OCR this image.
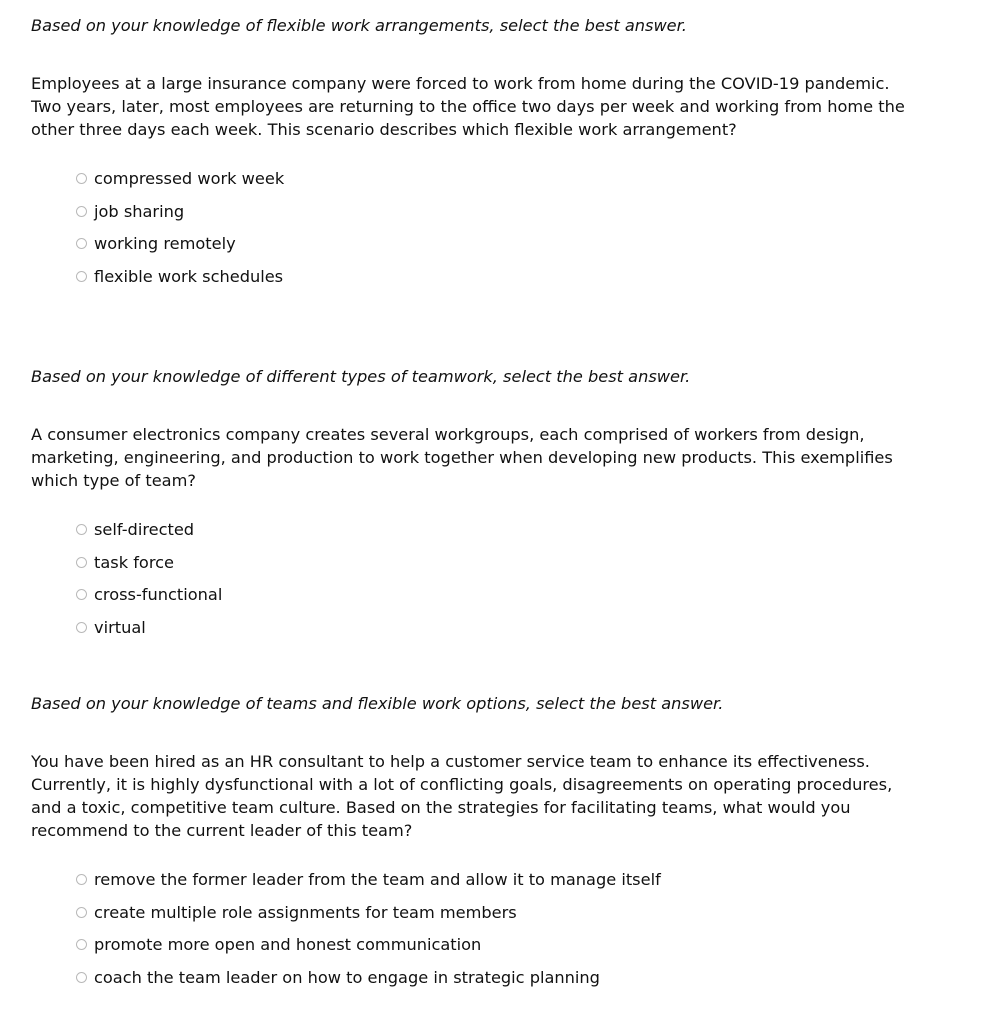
Based on your knowledge of flexible work arrangements, select the best answer.

Employees at a large insurance company were forced to work from home during the COVID-19 pandemic. Two years, later, most employees are returning to the office two days per week and working from home the other three days each week. This scenario describes which flexible work arrangement?

compressed work week
job sharing
working remotely
flexible work schedules

Based on your knowledge of different types of teamwork, select the best answer.

A consumer electronics company creates several workgroups, each comprised of workers from design, marketing, engineering, and production to work together when developing new products. This exemplifies which type of team?

self-directed
task force
cross-functional
virtual

Based on your knowledge of teams and flexible work options, select the best answer.

You have been hired as an HR consultant to help a customer service team to enhance its effectiveness. Currently, it is highly dysfunctional with a lot of conflicting goals, disagreements on operating procedures, and a toxic, competitive team culture. Based on the strategies for facilitating teams, what would you recommend to the current leader of this team?

remove the former leader from the team and allow it to manage itself
create multiple role assignments for team members
promote more open and honest communication
coach the team leader on how to engage in strategic planning
